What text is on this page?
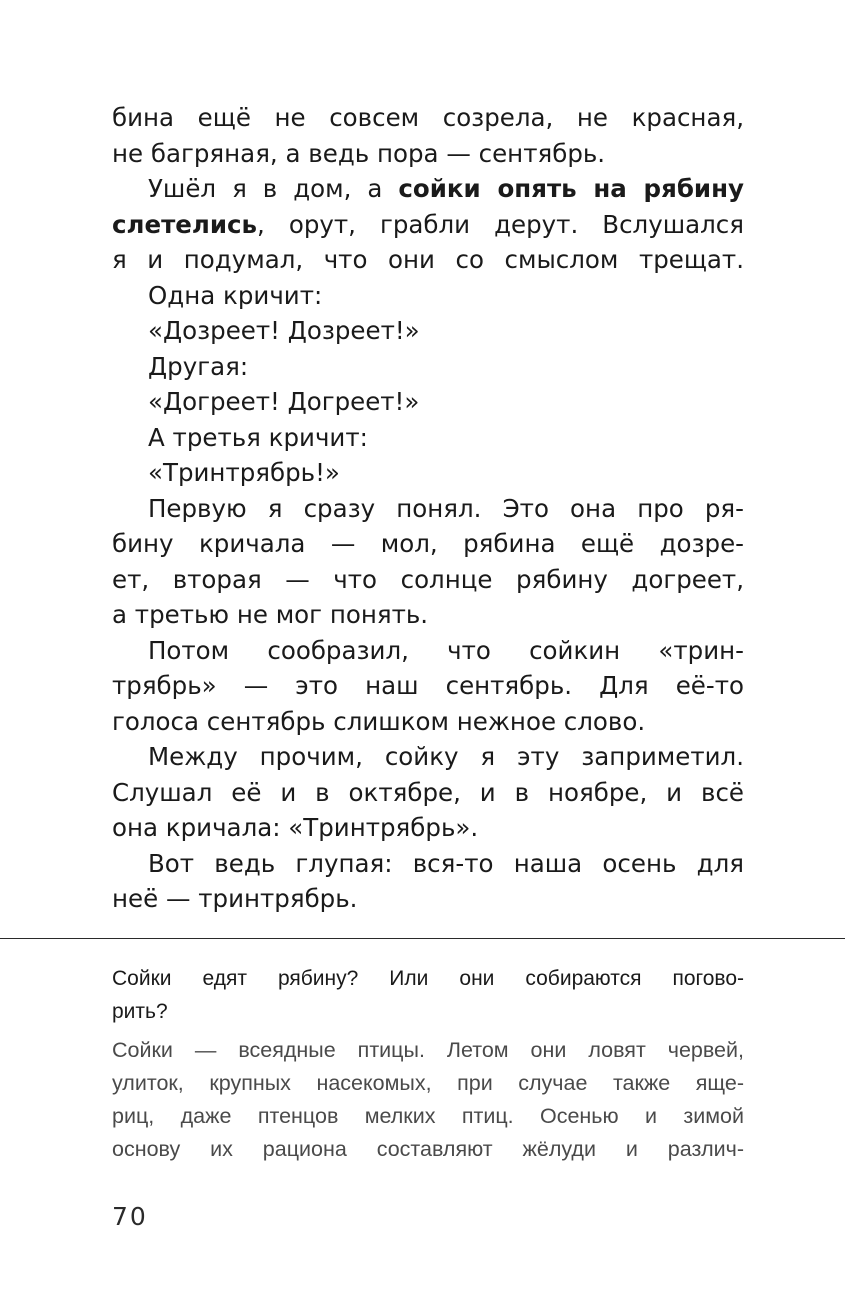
бина ещё не совсем созрела, не красная,
не багряная, а ведь пора — сентябрь.
Ушёл я в дом, а сойки опять на рябину
слетелись, орут, грабли дерут. Вслушался
я и подумал, что они со смыслом трещат.
Одна кричит:
«Дозреет! Дозреет!»
Другая:
«Догреет! Догреет!»
А третья кричит:
«Тринтрябрь!»
Первую я сразу понял. Это она про ря-
бину кричала — мол, рябина ещё дозре-
ет, вторая — что солнце рябину догреет,
а третью не мог понять.
Потом сообразил, что сойкин «трин-
трябрь» — это наш сентябрь. Для её-то
голоса сентябрь слишком нежное слово.
Между прочим, сойку я эту заприметил.
Слушал её и в октябре, и в ноябре, и всё
она кричала: «Тринтрябрь».
Вот ведь глупая: вся-то наша осень для
неё — тринтрябрь.
Сойки едят рябину? Или они собираются погово-
рить?
Сойки — всеядные птицы. Летом они ловят червей,
улиток, крупных насекомых, при случае также яще-
риц, даже птенцов мелких птиц. Осенью и зимой
основу их рациона составляют жёлуди и различ-
70
